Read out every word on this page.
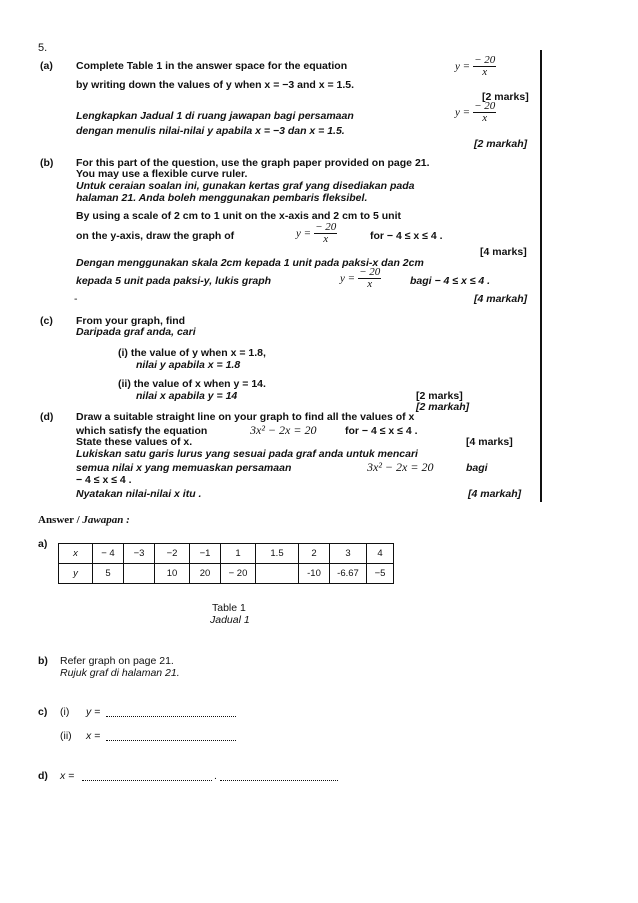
5.
(a) Complete Table 1 in the answer space for the equation	$y = \frac{- 20}{x}$
by writing down the values of y when x = −3 and x = 1.5.
[2 marks]
Lengkapkan Jadual 1 di ruang jawapan bagi persamaan	$y = \frac{- 20}{x}$
dengan menulis nilai-nilai y apabila x = −3 dan x = 1.5.
[2 markah]
(b) For this part of the question, use the graph paper provided on page 21.
You may use a flexible curve ruler.
Untuk ceraian soalan ini, gunakan kertas graf yang disediakan pada
halaman 21. Anda boleh menggunakan pembaris fleksibel.
By using a scale of 2 cm to 1 unit on the x-axis and 2 cm to 5 unit
on the y-axis, draw the graph of	$y = \frac{- 20}{x}$	for − 4 ≤ x ≤ 4 .
[4 marks]
Dengan menggunakan skala 2cm kepada 1 unit pada paksi-x dan 2cm
kepada 5 unit pada paksi-y, lukis graph	$y = \frac{- 20}{x}$	bagi − 4 ≤ x ≤ 4 .
-	[4 markah]
(c) From your graph, find
Daripada graf anda, cari
(i) the value of y when x = 1.8,
nilai y apabila x = 1.8
(ii) the value of x when y = 14.
nilai x apabila y = 14	[2 marks]
[2 markah]
(d) Draw a suitable straight line on your graph to find all the values of x
which satisfy the equation	3x² − 2x = 20	for − 4 ≤ x ≤ 4 .
State these values of x.	[4 marks]
Lukiskan satu garis lurus yang sesuai pada graf anda untuk mencari
semua nilai x yang memuaskan persamaan	3x² − 2x = 20	bagi
− 4 ≤ x ≤ 4 .
Nyatakan nilai-nilai x itu .	[4 markah]
Answer / Jawapan :
a)
x	− 4	−3	−2	−1	1	1.5	2	3	4
y	5		10	20	− 20		-10	-6.67	−5
Table 1
Jadual 1
b) Refer graph on page 21.
Rujuk graf di halaman 21.
c) (i) y =
(ii) x =
d) x =	.
